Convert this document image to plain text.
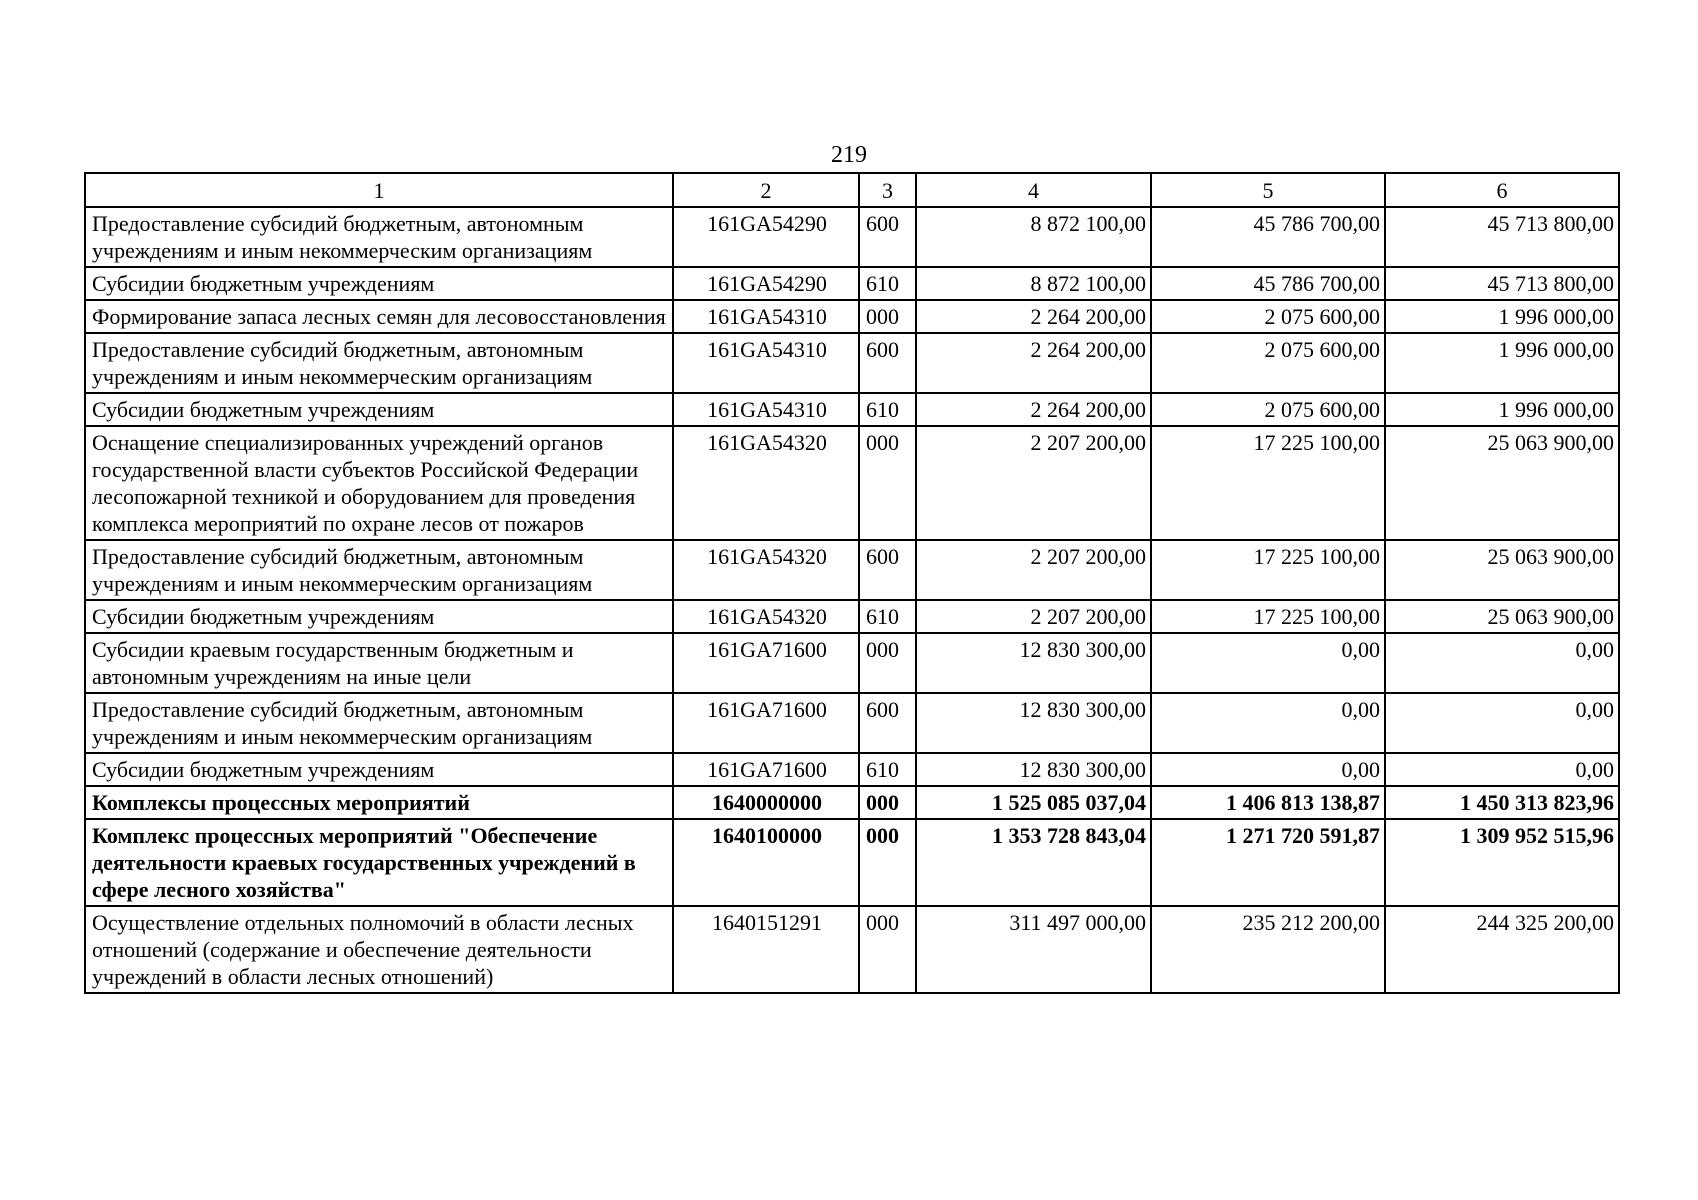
219
1	2	3	4	5	6
Предоставление субсидий бюджетным, автономным учреждениям и иным некоммерческим организациям	161GA54290	600	8 872 100,00	45 786 700,00	45 713 800,00
Субсидии бюджетным учреждениям	161GA54290	610	8 872 100,00	45 786 700,00	45 713 800,00
Формирование запаса лесных семян для лесовосстановления	161GA54310	000	2 264 200,00	2 075 600,00	1 996 000,00
Предоставление субсидий бюджетным, автономным учреждениям и иным некоммерческим организациям	161GA54310	600	2 264 200,00	2 075 600,00	1 996 000,00
Субсидии бюджетным учреждениям	161GA54310	610	2 264 200,00	2 075 600,00	1 996 000,00
Оснащение специализированных учреждений органов государственной власти субъектов Российской Федерации лесопожарной техникой и оборудованием для проведения комплекса мероприятий по охране лесов от пожаров	161GA54320	000	2 207 200,00	17 225 100,00	25 063 900,00
Предоставление субсидий бюджетным, автономным учреждениям и иным некоммерческим организациям	161GA54320	600	2 207 200,00	17 225 100,00	25 063 900,00
Субсидии бюджетным учреждениям	161GA54320	610	2 207 200,00	17 225 100,00	25 063 900,00
Субсидии краевым государственным бюджетным и автономным учреждениям на иные цели	161GA71600	000	12 830 300,00	0,00	0,00
Предоставление субсидий бюджетным, автономным учреждениям и иным некоммерческим организациям	161GA71600	600	12 830 300,00	0,00	0,00
Субсидии бюджетным учреждениям	161GA71600	610	12 830 300,00	0,00	0,00
Комплексы процессных мероприятий	1640000000	000	1 525 085 037,04	1 406 813 138,87	1 450 313 823,96
Комплекс процессных мероприятий "Обеспечение деятельности краевых государственных учреждений в сфере лесного хозяйства"	1640100000	000	1 353 728 843,04	1 271 720 591,87	1 309 952 515,96
Осуществление отдельных полномочий в области лесных отношений (содержание и обеспечение деятельности учреждений в области лесных отношений)	1640151291	000	311 497 000,00	235 212 200,00	244 325 200,00
